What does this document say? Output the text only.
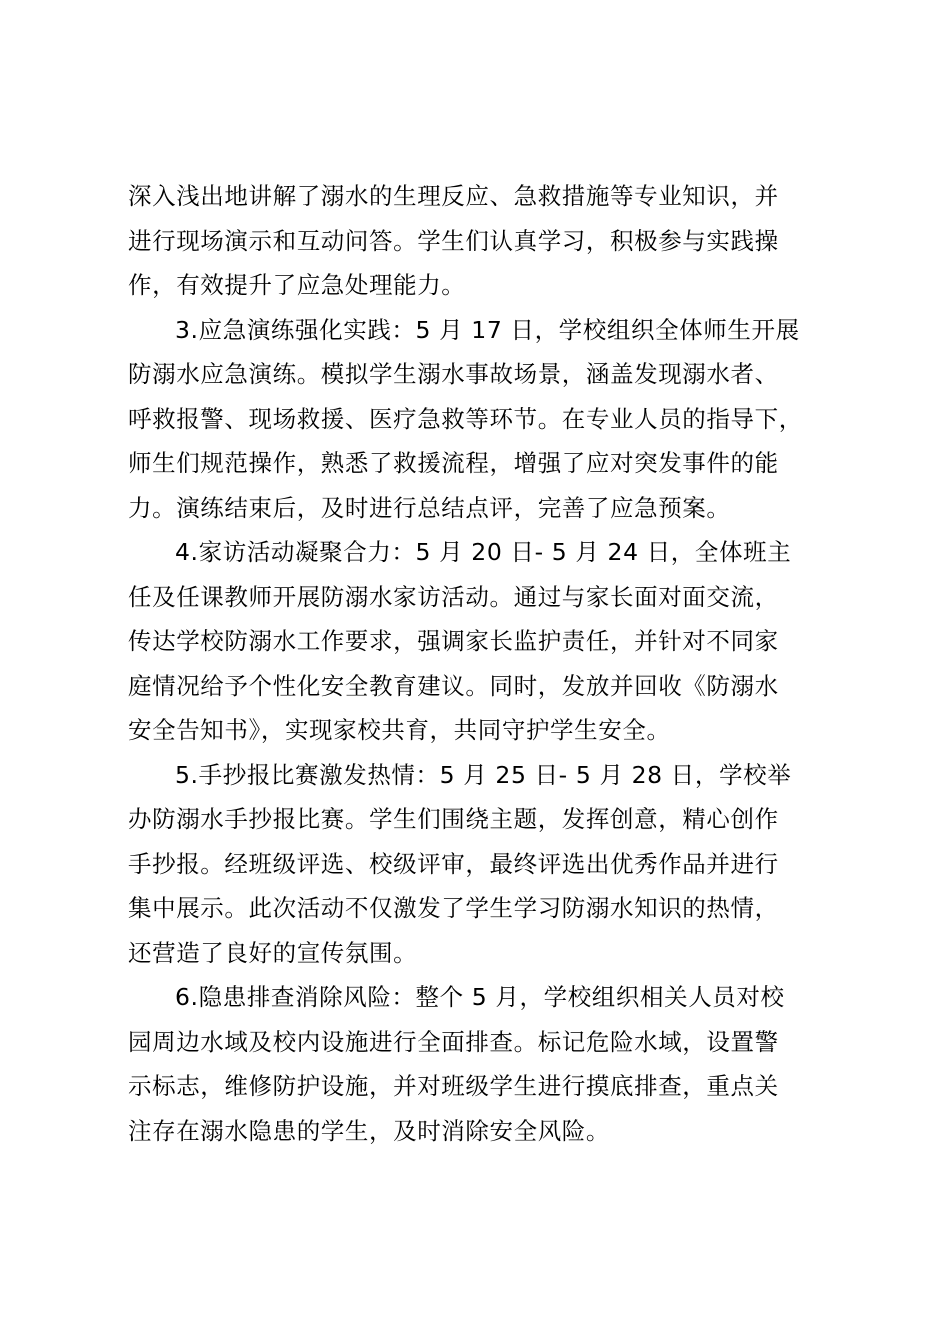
深入浅出地讲解了溺水的生理反应、急救措施等专业知识，并
进行现场演示和互动问答。学生们认真学习，积极参与实践操
作，有效提升了应急处理能力。
3.应急演练强化实践：5 月 17 日，学校组织全体师生开展
防溺水应急演练。模拟学生溺水事故场景，涵盖发现溺水者、
呼救报警、现场救援、医疗急救等环节。在专业人员的指导下，
师生们规范操作，熟悉了救援流程，增强了应对突发事件的能
力。演练结束后，及时进行总结点评，完善了应急预案。
4.家访活动凝聚合力：5 月 20 日- 5 月 24 日，全体班主
任及任课教师开展防溺水家访活动。通过与家长面对面交流，
传达学校防溺水工作要求，强调家长监护责任，并针对不同家
庭情况给予个性化安全教育建议。同时，发放并回收《防溺水
安全告知书》，实现家校共育，共同守护学生安全。
5.手抄报比赛激发热情：5 月 25 日- 5 月 28 日，学校举
办防溺水手抄报比赛。学生们围绕主题，发挥创意，精心创作
手抄报。经班级评选、校级评审，最终评选出优秀作品并进行
集中展示。此次活动不仅激发了学生学习防溺水知识的热情，
还营造了良好的宣传氛围。
6.隐患排查消除风险：整个 5 月，学校组织相关人员对校
园周边水域及校内设施进行全面排查。标记危险水域，设置警
示标志，维修防护设施，并对班级学生进行摸底排查，重点关
注存在溺水隐患的学生，及时消除安全风险。
